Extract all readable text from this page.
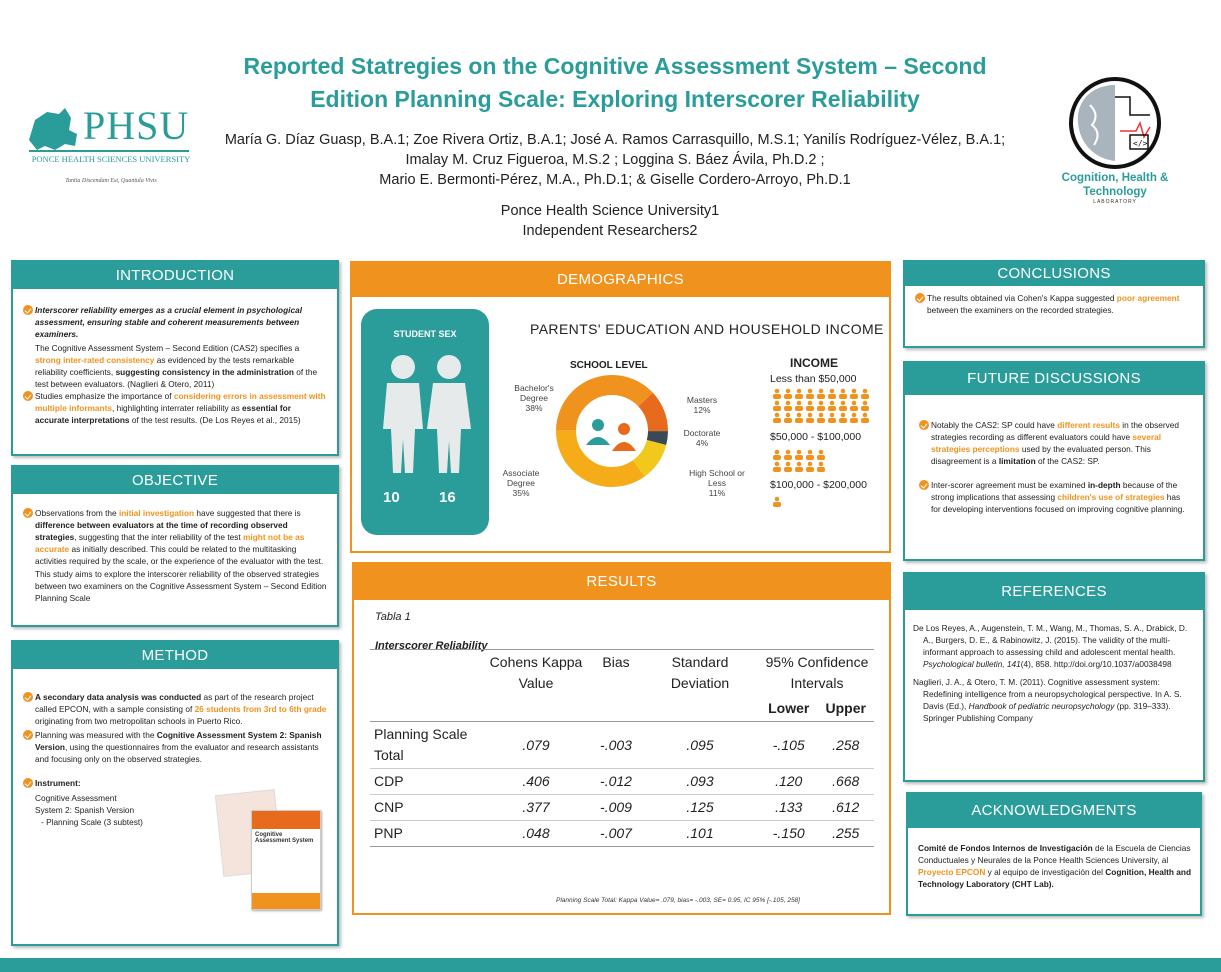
Reported Statregies on the Cognitive Assessment System – Second
Edition Planning Scale: Exploring Interscorer Reliability
María G. Díaz Guasp, B.A.1; Zoe Rivera Ortiz, B.A.1; José A. Ramos Carrasquillo, M.S.1; Yanilís Rodríguez-Vélez, B.A.1;
Imalay M. Cruz Figueroa, M.S.2 ; Loggina S. Báez Ávila, Ph.D.2 ;
Mario E. Bermonti-Pérez, M.A., Ph.D.1; & Giselle Cordero-Arroyo, Ph.D.1
Ponce Health Science University1
Independent Researchers2
PHSU
PONCE HEALTH SCIENCES UNIVERSITY
Tantia Discendam Est, Quantula Vivis
</>
Cognition, Health &
Technology
LABORATORY
INTRODUCTION
Interscorer reliability emerges as a crucial element in psychological assessment, ensuring stable and coherent measurements between examiners.
The Cognitive Assessment System – Second Edition (CAS2) specifies a strong inter-rated consistency as evidenced by the tests remarkable reliability coefficients, suggesting consistency in the administration of the test between evaluators. (Naglieri & Otero, 2011)
Studies emphasize the importance of considering errors in assessment with multiple informants, highlighting interrater reliability as essential for accurate interpretations of the test results. (De Los Reyes et al., 2015)
OBJECTIVE
Observations from the initial investigation have suggested that there is difference between evaluators at the time of recording observed strategies, suggesting that the inter reliability of the test might not be as accurate as initially described. This could be related to the multitasking activities required by the scale, or the experience of the evaluator with the test.
This study aims to explore the interscorer reliability of the observed strategies between two examiners on the Cognitive Assessment System – Second Edition Planning Scale
METHOD
A secondary data analysis was conducted as part of the research project called EPCON, with a sample consisting of 26 students from 3rd to 6th grade originating from two metropolitan schools in Puerto Rico.
Planning was measured with the Cognitive Assessment System 2: Spanish Version, using the questionnaires from the evaluator and research assistants and focusing only on the observed strategies.
Instrument:
Cognitive Assessment System 2: Spanish Version
- Planning Scale (3 subtest)
Cognitive Assessment System
DEMOGRAPHICS
STUDENT SEX
10	16
PARENTS' EDUCATION AND HOUSEHOLD INCOME
SCHOOL LEVEL
Bachelor's Degree
38%
Masters
12%
Doctorate
4%
High School or Less
11%
Associate Degree
35%
INCOME
Less than $50,000
$50,000 - $100,000
$100,000 - $200,000
RESULTS
Tabla 1
Interscorer Reliability
	Cohens Kappa Value	Bias	Standard Deviation	95% Confidence Intervals	
				Lower	Upper
Planning Scale Total	.079	-.003	.095	-.105	.258
CDP	.406	-.012	.093	.120	.668
CNP	.377	-.009	.125	.133	.612
PNP	.048	-.007	.101	-.150	.255
Planning Scale Total: Kappa Value= .079, bias= -.003, SE= 0.95, IC 95% [-.105, 258]
CONCLUSIONS
The results obtained via Cohen's Kappa suggested poor agreement between the examiners on the recorded strategies.
FUTURE DISCUSSIONS
Notably the CAS2: SP could have different results in the observed strategies recording as different evaluators could have several strategies perceptions used by the evaluated person. This disagreement is a limitation of the CAS2: SP.
Inter-scorer agreement must be examined in-depth because of the strong implications that assessing children's use of strategies has for developing interventions focused on improving cognitive planning.
REFERENCES
De Los Reyes, A., Augenstein, T. M., Wang, M., Thomas, S. A., Drabick, D. A., Burgers, D. E., & Rabinowitz, J. (2015). The validity of the multi-informant approach to assessing child and adolescent mental health. Psychological bulletin, 141(4), 858. http://doi.org/10.1037/a0038498
Naglieri, J. A., & Otero, T. M. (2011). Cognitive assessment system: Redefining intelligence from a neuropsychological perspective. In A. S. Davis (Ed.), Handbook of pediatric neuropsychology (pp. 319–333). Springer Publishing Company
ACKNOWLEDGMENTS
Comité de Fondos Internos de Investigación de la Escuela de Ciencias Conductuales y Neurales de la Ponce Health Sciences University, al Proyecto EPCON y al equipo de investigación del Cognition, Health and Technology Laboratory (CHT Lab).
